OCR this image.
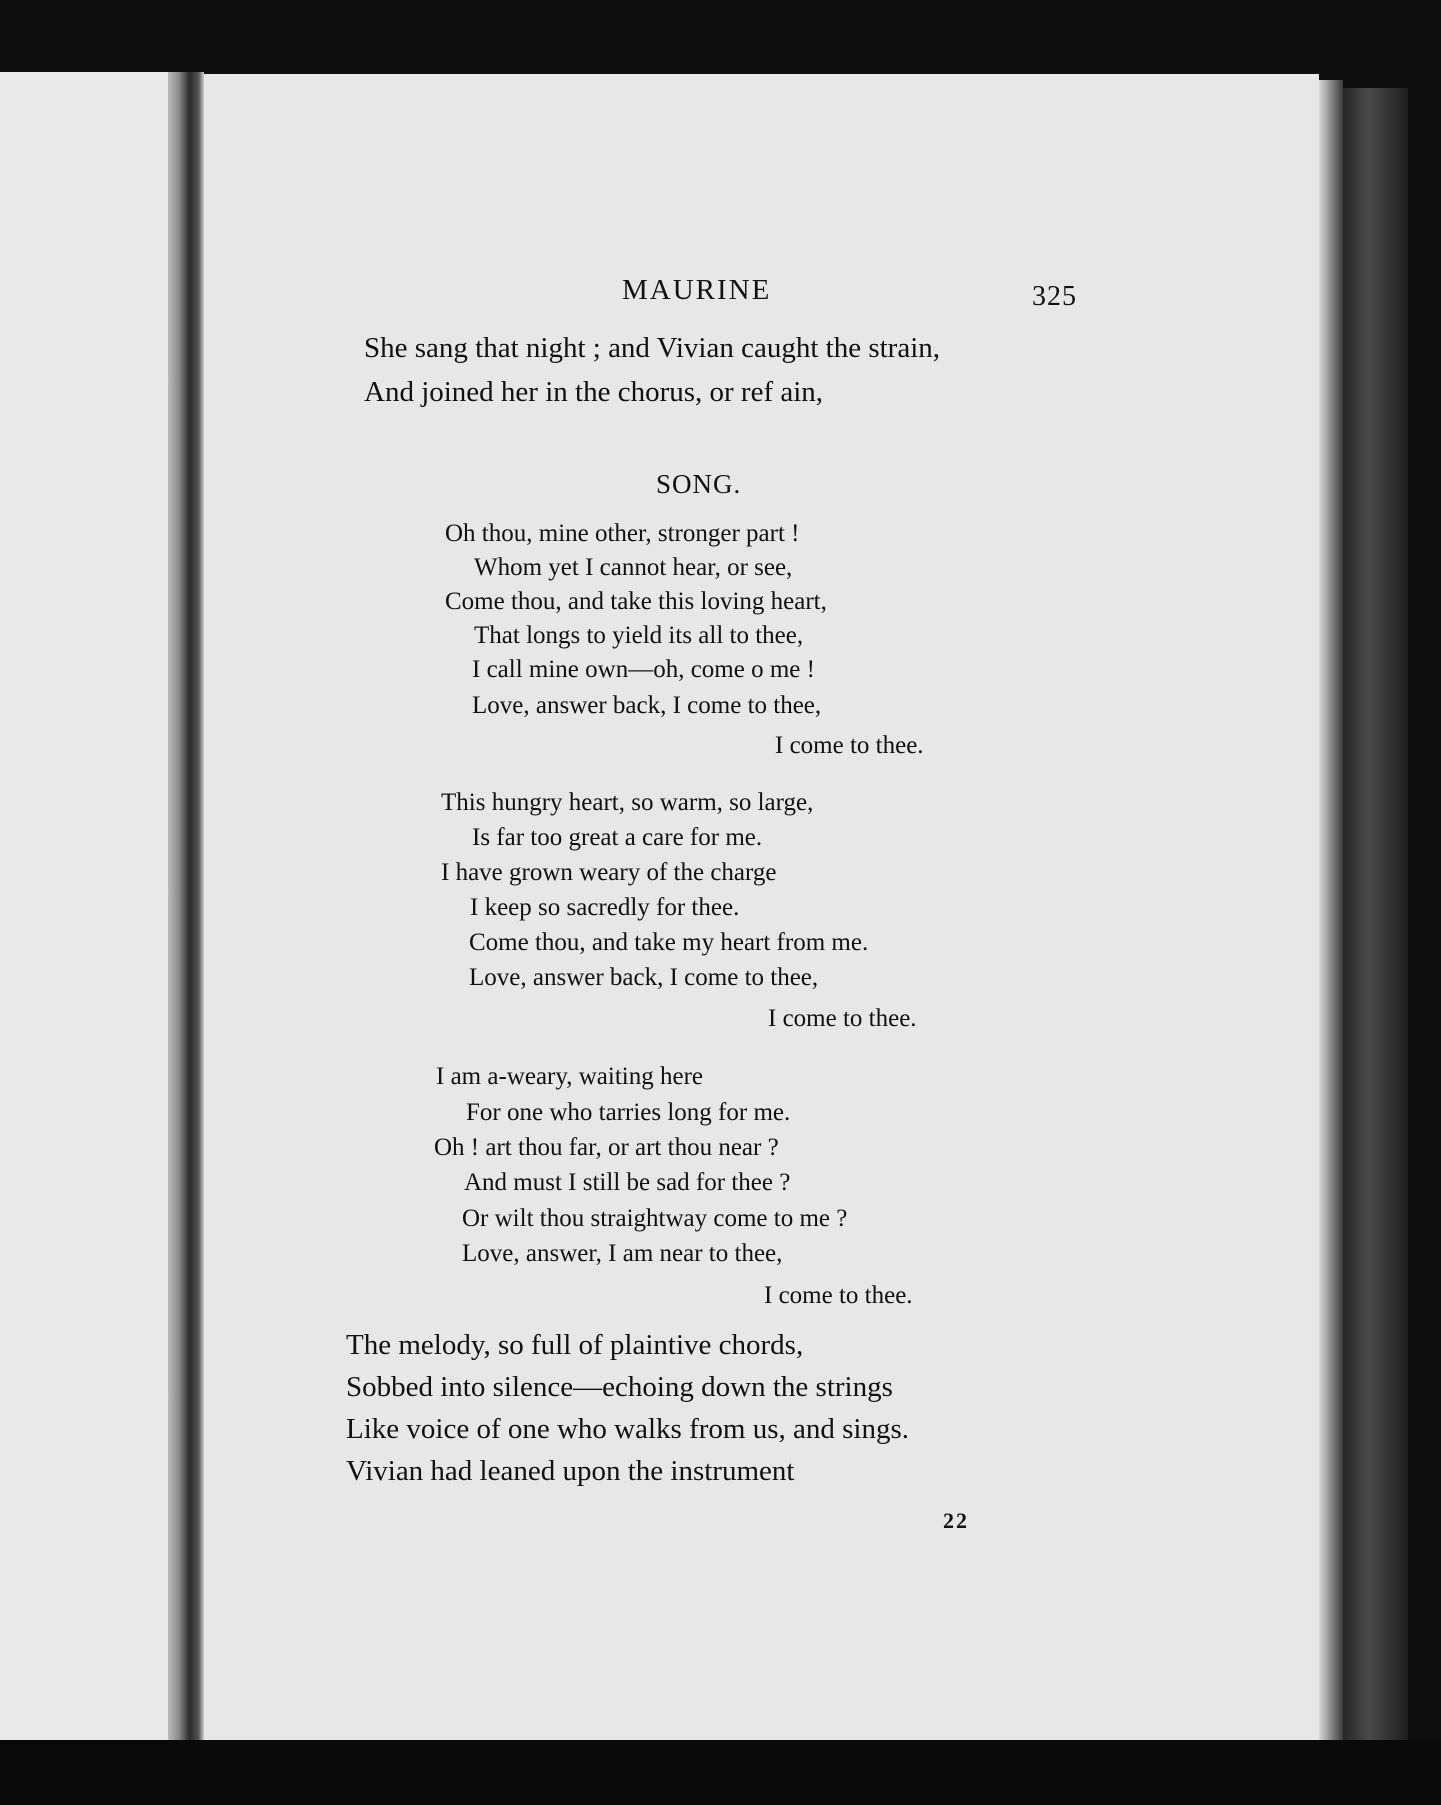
MAURINE	325

She sang that night ; and Vivian caught the strain,

And joined her in the chorus, or ref ain,

SONG.

Oh thou, mine other, stronger part !

Whom yet I cannot hear, or see,

Come thou, and take this loving heart,

That longs to yield its all to thee,

I call mine own—oh, come o me !

Love, answer back, I come to thee,

I come to thee.

This hungry heart, so warm, so large,

Is far too great a care for me.

I have grown weary of the charge

I keep so sacredly for thee.

Come thou, and take my heart from me.

Love, answer back, I come to thee,

I come to thee.

I am a-weary, waiting here

For one who tarries long for me.

Oh ! art thou far, or art thou near ?

And must I still be sad for thee ?

Or wilt thou straightway come to me ?

Love, answer, I am near to thee,

I come to thee.

The melody, so full of plaintive chords,

Sobbed into silence—echoing down the strings

Like voice of one who walks from us, and sings.

Vivian had leaned upon the instrument

22
